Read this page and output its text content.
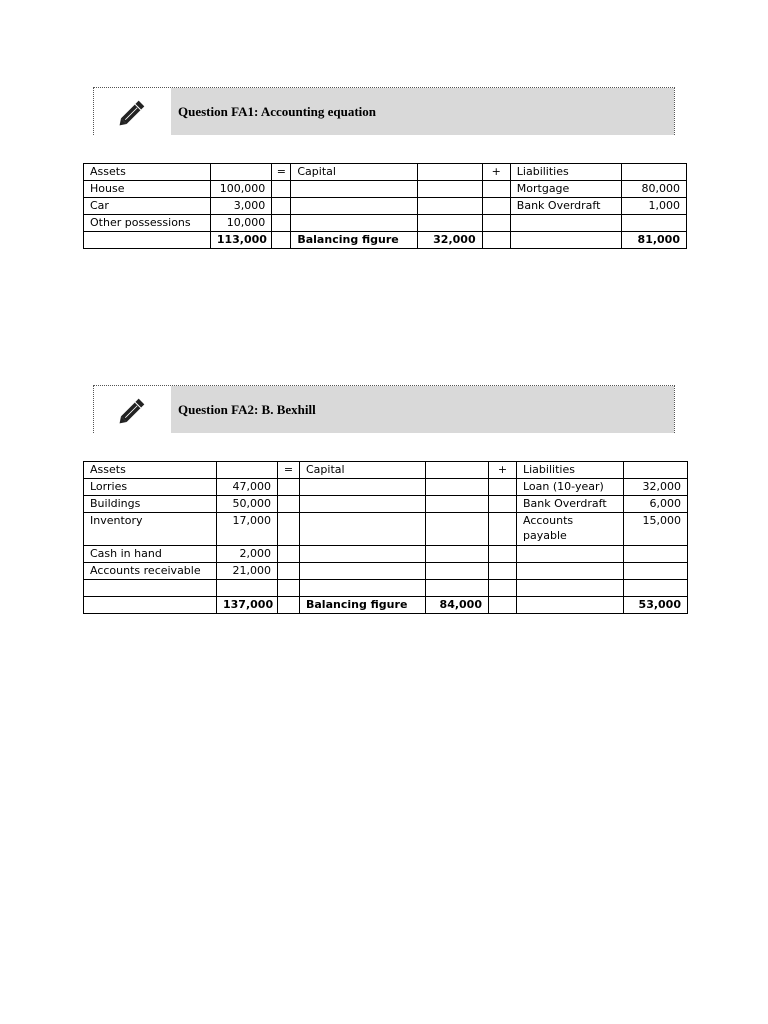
Question FA1: Accounting equation
Assets		=	Capital		+	Liabilities	
House	100,000					Mortgage	80,000
Car	3,000					Bank Overdraft	1,000
Other possessions	10,000						
	113,000		Balancing figure	32,000			81,000
Question FA2: B. Bexhill
Assets		=	Capital		+	Liabilities	
Lorries	47,000					Loan (10-year)	32,000
Buildings	50,000					Bank Overdraft	6,000
Inventory	17,000					Accounts payable	15,000
Cash in hand	2,000						
Accounts receivable	21,000						

	137,000		Balancing figure	84,000			53,000
